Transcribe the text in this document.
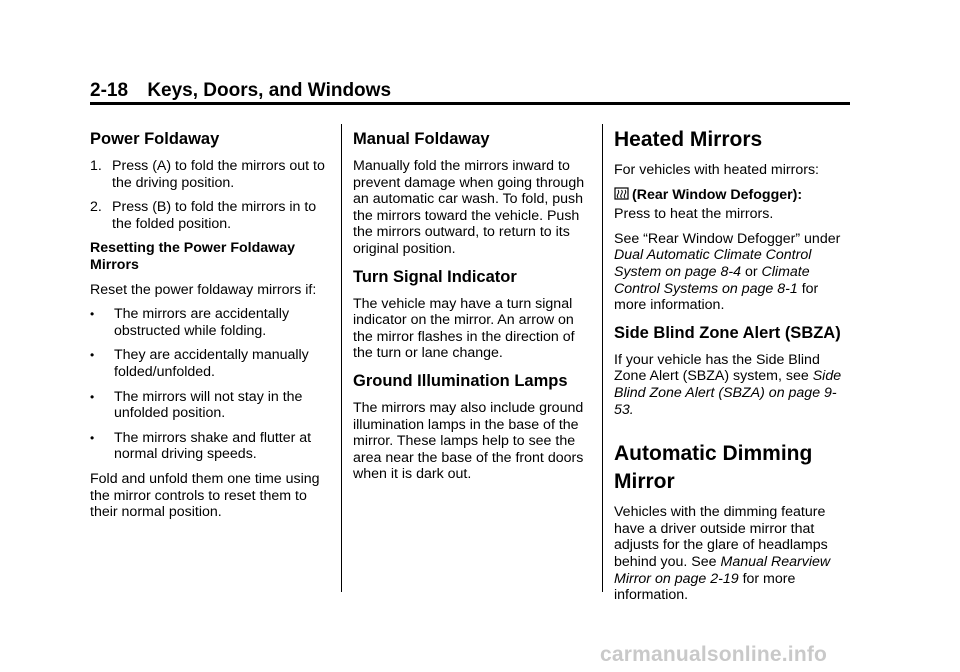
2-18 Keys, Doors, and Windows
Power Foldaway
1. Press (A) to fold the mirrors out to the driving position.
2. Press (B) to fold the mirrors in to the folded position.

Resetting the Power Foldaway Mirrors

Reset the power foldaway mirrors if:

•	The mirrors are accidentally obstructed while folding.
•	They are accidentally manually folded/unfolded.
•	The mirrors will not stay in the unfolded position.
•	The mirrors shake and flutter at normal driving speeds.

Fold and unfold them one time using the mirror controls to reset them to their normal position.

Manual Foldaway

Manually fold the mirrors inward to prevent damage when going through an automatic car wash. To fold, push the mirrors toward the vehicle. Push the mirrors outward, to return to its original position.

Turn Signal Indicator

The vehicle may have a turn signal indicator on the mirror. An arrow on the mirror flashes in the direction of the turn or lane change.

Ground Illumination Lamps

The mirrors may also include ground illumination lamps in the base of the mirror. These lamps help to see the area near the base of the front doors when it is dark out.

Heated Mirrors

For vehicles with heated mirrors:

(Rear Window Defogger):
Press to heat the mirrors.

See “Rear Window Defogger” under Dual Automatic Climate Control System on page 8-4 or Climate Control Systems on page 8-1 for more information.

Side Blind Zone Alert (SBZA)

If your vehicle has the Side Blind Zone Alert (SBZA) system, see Side Blind Zone Alert (SBZA) on page 9-53.

Automatic Dimming Mirror

Vehicles with the dimming feature have a driver outside mirror that adjusts for the glare of headlamps behind you. See Manual Rearview Mirror on page 2-19 for more information.

carmanualsonline.info
